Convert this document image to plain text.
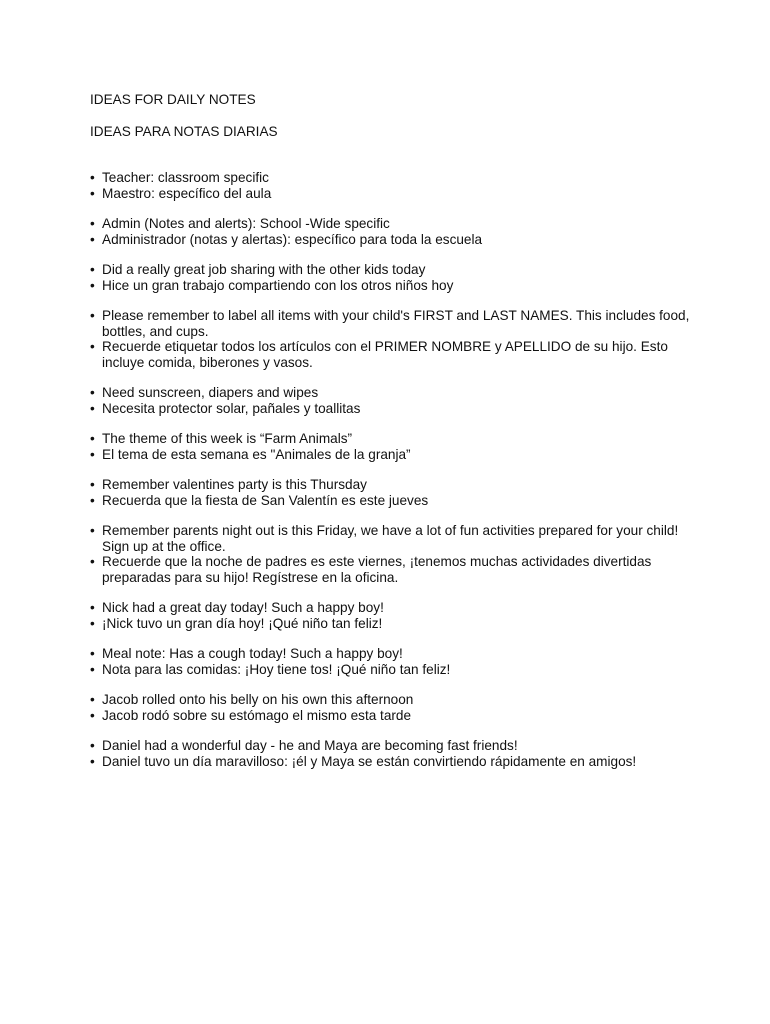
IDEAS FOR DAILY NOTES
IDEAS PARA NOTAS DIARIAS
• Teacher: classroom specific
• Maestro: específico del aula
• Admin (Notes and alerts): School -Wide specific
• Administrador (notas y alertas): específico para toda la escuela
• Did a really great job sharing with the other kids today
• Hice un gran trabajo compartiendo con los otros niños hoy
• Please remember to label all items with your child's FIRST and LAST NAMES. This includes food, bottles, and cups.
• Recuerde etiquetar todos los artículos con el PRIMER NOMBRE y APELLIDO de su hijo. Esto incluye comida, biberones y vasos.
• Need sunscreen, diapers and wipes
• Necesita protector solar, pañales y toallitas
• The theme of this week is “Farm Animals”
• El tema de esta semana es "Animales de la granja”
• Remember valentines party is this Thursday
• Recuerda que la fiesta de San Valentín es este jueves
• Remember parents night out is this Friday, we have a lot of fun activities prepared for your child! Sign up at the office.
• Recuerde que la noche de padres es este viernes, ¡tenemos muchas actividades divertidas preparadas para su hijo! Regístrese en la oficina.
• Nick had a great day today! Such a happy boy!
• ¡Nick tuvo un gran día hoy! ¡Qué niño tan feliz!
• Meal note: Has a cough today! Such a happy boy!
• Nota para las comidas: ¡Hoy tiene tos! ¡Qué niño tan feliz!
• Jacob rolled onto his belly on his own this afternoon
• Jacob rodó sobre su estómago el mismo esta tarde
• Daniel had a wonderful day - he and Maya are becoming fast friends!
• Daniel tuvo un día maravilloso: ¡él y Maya se están convirtiendo rápidamente en amigos!
